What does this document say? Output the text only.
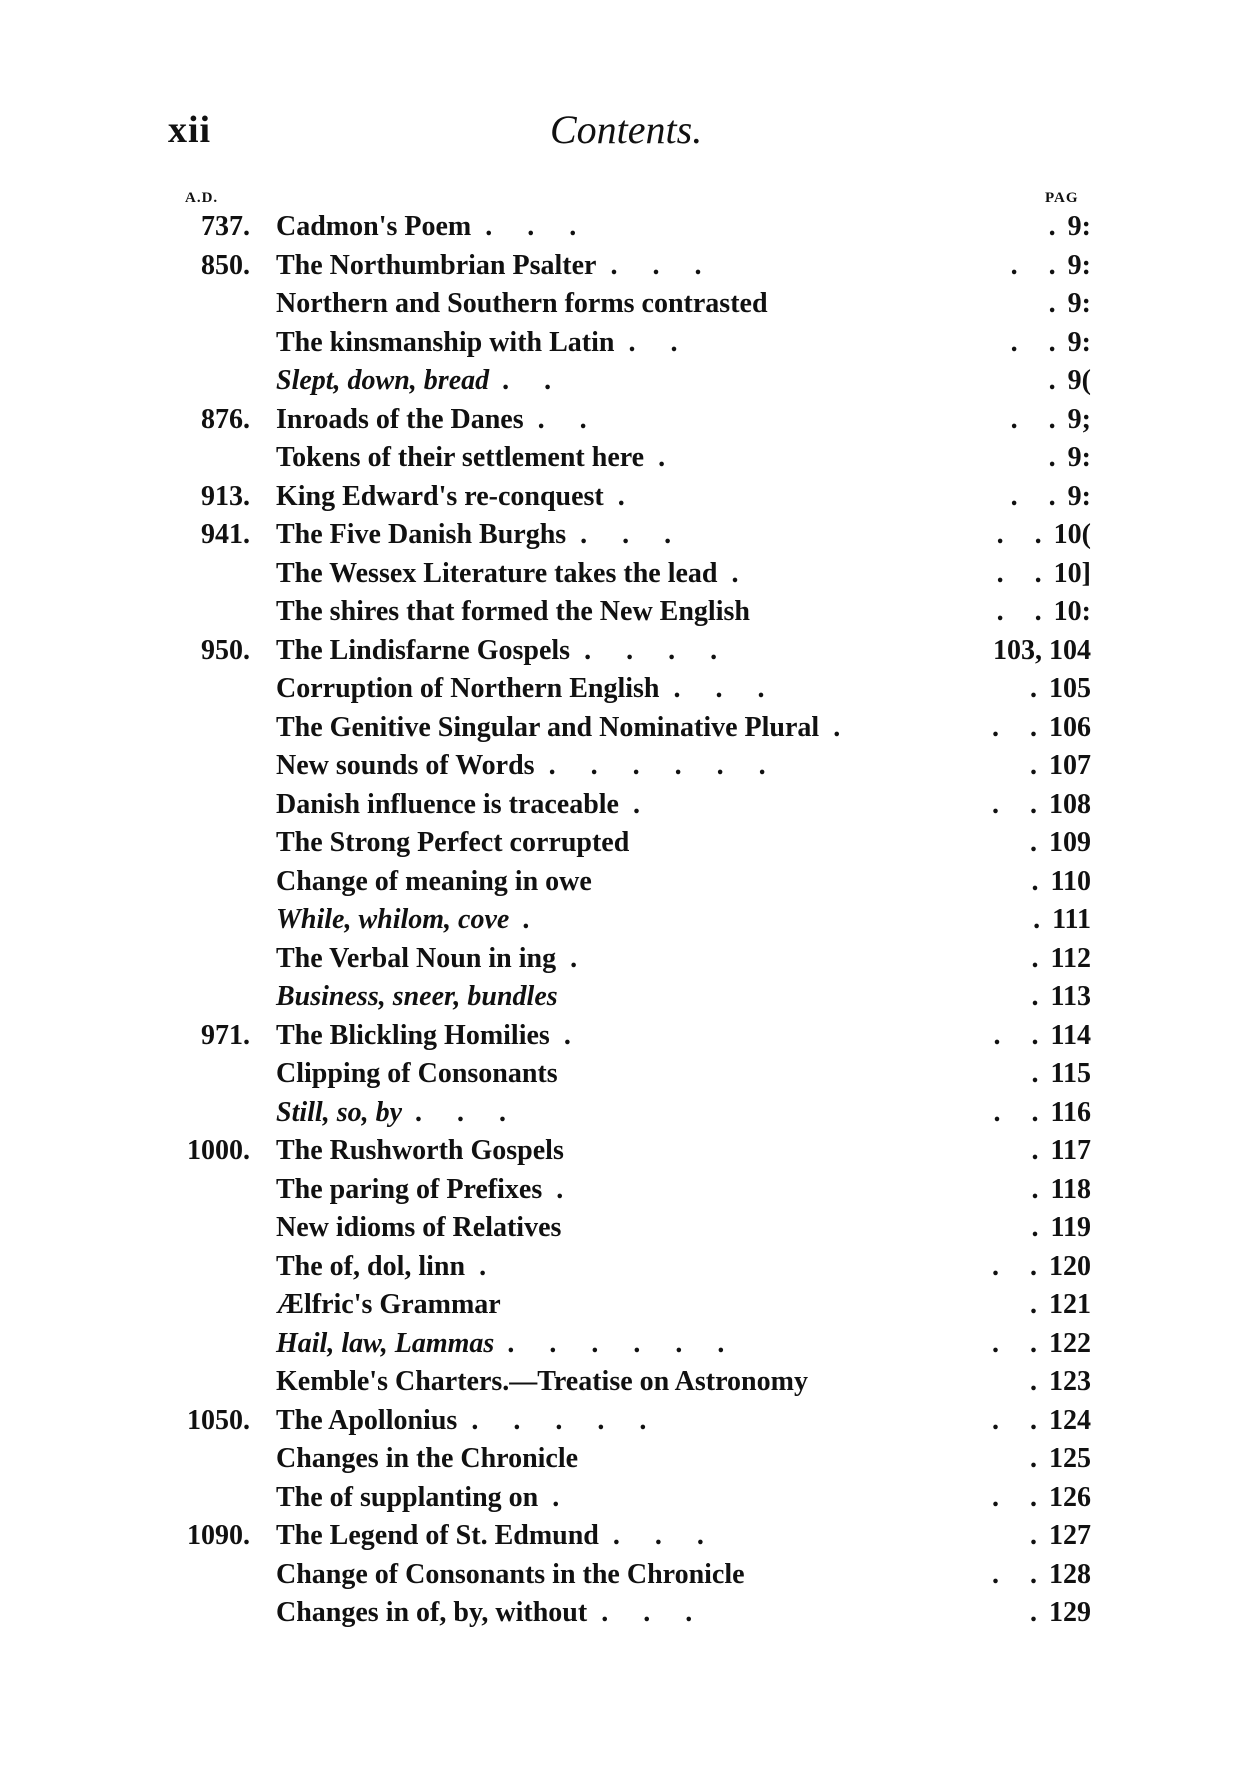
xii	Contents.
A.D.	PAG
737. Cadmon's Poem . . .	.9:
850. The Northumbrian Psalter . . .	. .9:
Northern and Southern forms contrasted	.9:
The kinsmanship with Latin . .	. .9:
Slept, down, bread . .	.9(
876. Inroads of the Danes . .	. .9;
Tokens of their settlement here .	.9:
913. King Edward's re-conquest .	. .9:
941. The Five Danish Burghs . . .	. .10(
The Wessex Literature takes the lead .	. .10]
The shires that formed the New English	. .10:
950. The Lindisfarne Gospels . . . .	103, 104
Corruption of Northern English . . .	.105
The Genitive Singular and Nominative Plural .	. .106
New sounds of Words . . . . . .	.107
Danish influence is traceable .	. .108
The Strong Perfect corrupted	.109
Change of meaning in owe	.110
While, whilom, cove .	.111
The Verbal Noun in ing .	.112
Business, sneer, bundles	.113
971. The Blickling Homilies .	. .114
Clipping of Consonants	.115
Still, so, by . . .	. .116
1000. The Rushworth Gospels	.117
The paring of Prefixes .	.118
New idioms of Relatives	.119
The of, dol, linn .	. .120
Ælfric's Grammar	.121
Hail, law, Lammas . . . . . .	. .122
Kemble's Charters.—Treatise on Astronomy	.123
1050. The Apollonius . . . . .	. .124
Changes in the Chronicle	.125
The of supplanting on .	. .126
1090. The Legend of St. Edmund . . .	.127
Change of Consonants in the Chronicle	. .128
Changes in of, by, without . . .	.129
